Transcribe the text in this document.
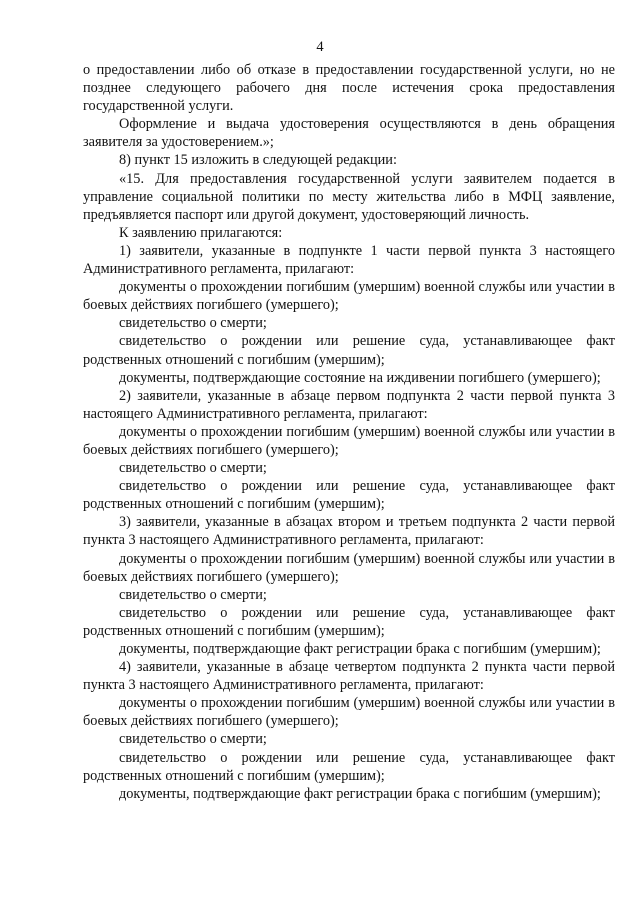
4

о предоставлении либо об отказе в предоставлении государственной услуги, но не позднее следующего рабочего дня после истечения срока предоставления государственной услуги.

Оформление и выдача удостоверения осуществляются в день обращения заявителя за удостоверением.»;

8) пункт 15 изложить в следующей редакции:

«15. Для предоставления государственной услуги заявителем подается в управление социальной политики по месту жительства либо в МФЦ заявление, предъявляется паспорт или другой документ, удостоверяющий личность.

К заявлению прилагаются:

1) заявители, указанные в подпункте 1 части первой пункта 3 настоящего Административного регламента, прилагают:

документы о прохождении погибшим (умершим) военной службы или участии в боевых действиях погибшего (умершего);

свидетельство о смерти;

свидетельство о рождении или решение суда, устанавливающее факт родственных отношений с погибшим (умершим);

документы, подтверждающие состояние на иждивении погибшего (умершего);

2) заявители, указанные в абзаце первом подпункта 2 части первой пункта 3 настоящего Административного регламента, прилагают:

документы о прохождении погибшим (умершим) военной службы или участии в боевых действиях погибшего (умершего);

свидетельство о смерти;

свидетельство о рождении или решение суда, устанавливающее факт родственных отношений с погибшим (умершим);

3) заявители, указанные в абзацах втором и третьем подпункта 2 части первой пункта 3 настоящего Административного регламента, прилагают:

документы о прохождении погибшим (умершим) военной службы или участии в боевых действиях погибшего (умершего);

свидетельство о смерти;

свидетельство о рождении или решение суда, устанавливающее факт родственных отношений с погибшим (умершим);

документы, подтверждающие факт регистрации брака с погибшим (умершим);

4) заявители, указанные в абзаце четвертом подпункта 2 пункта части первой пункта 3 настоящего Административного регламента, прилагают:

документы о прохождении погибшим (умершим) военной службы или участии в боевых действиях погибшего (умершего);

свидетельство о смерти;

свидетельство о рождении или решение суда, устанавливающее факт родственных отношений с погибшим (умершим);

документы, подтверждающие факт регистрации брака с погибшим (умершим);
